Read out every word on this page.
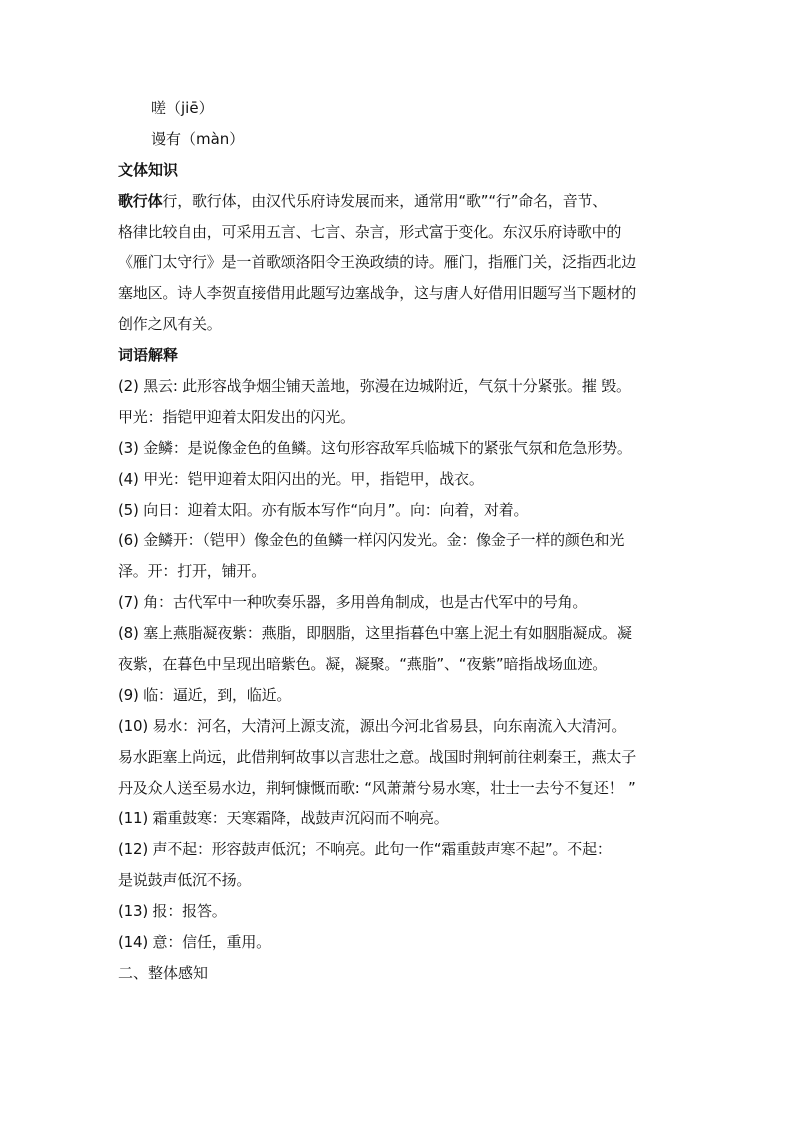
嗟（jiē）
谩有（màn）
文体知识
歌行体行，歌行体，由汉代乐府诗发展而来，通常用“歌”“行”命名，音节、
格律比较自由，可采用五言、七言、杂言，形式富于变化。东汉乐府诗歌中的
《雁门太守行》是一首歌颂洛阳令王涣政绩的诗。雁门，指雁门关，泛指西北边
塞地区。诗人李贺直接借用此题写边塞战争，这与唐人好借用旧题写当下题材的
创作之风有关。
词语解释
(2) 黑云: 此形容战争烟尘铺天盖地，弥漫在边城附近，气氛十分紧张。摧 毁。
甲光：指铠甲迎着太阳发出的闪光。
(3) 金鳞：是说像金色的鱼鳞。这句形容敌军兵临城下的紧张气氛和危急形势。
(4) 甲光：铠甲迎着太阳闪出的光。甲，指铠甲，战衣。
(5) 向日：迎着太阳。亦有版本写作“向月”。向：向着，对着。
(6) 金鳞开：（铠甲）像金色的鱼鳞一样闪闪发光。金：像金子一样的颜色和光
泽。开：打开，铺开。
(7) 角：古代军中一种吹奏乐器，多用兽角制成，也是古代军中的号角。
(8) 塞上燕脂凝夜紫：燕脂，即胭脂，这里指暮色中塞上泥土有如胭脂凝成。凝
夜紫，在暮色中呈现出暗紫色。凝，凝聚。“燕脂”、“夜紫”暗指战场血迹。
(9) 临：逼近，到，临近。
(10) 易水：河名，大清河上源支流，源出今河北省易县，向东南流入大清河。
易水距塞上尚远，此借荆轲故事以言悲壮之意。战国时荆轲前往刺秦王，燕太子
丹及众人送至易水边，荆轲慷慨而歌: “风萧萧兮易水寒，壮士一去兮不复还！ ”
(11) 霜重鼓寒：天寒霜降，战鼓声沉闷而不响亮。
(12) 声不起：形容鼓声低沉；不响亮。此句一作“霜重鼓声寒不起”。不起：
是说鼓声低沉不扬。
(13) 报：报答。
(14) 意：信任，重用。
二、整体感知
